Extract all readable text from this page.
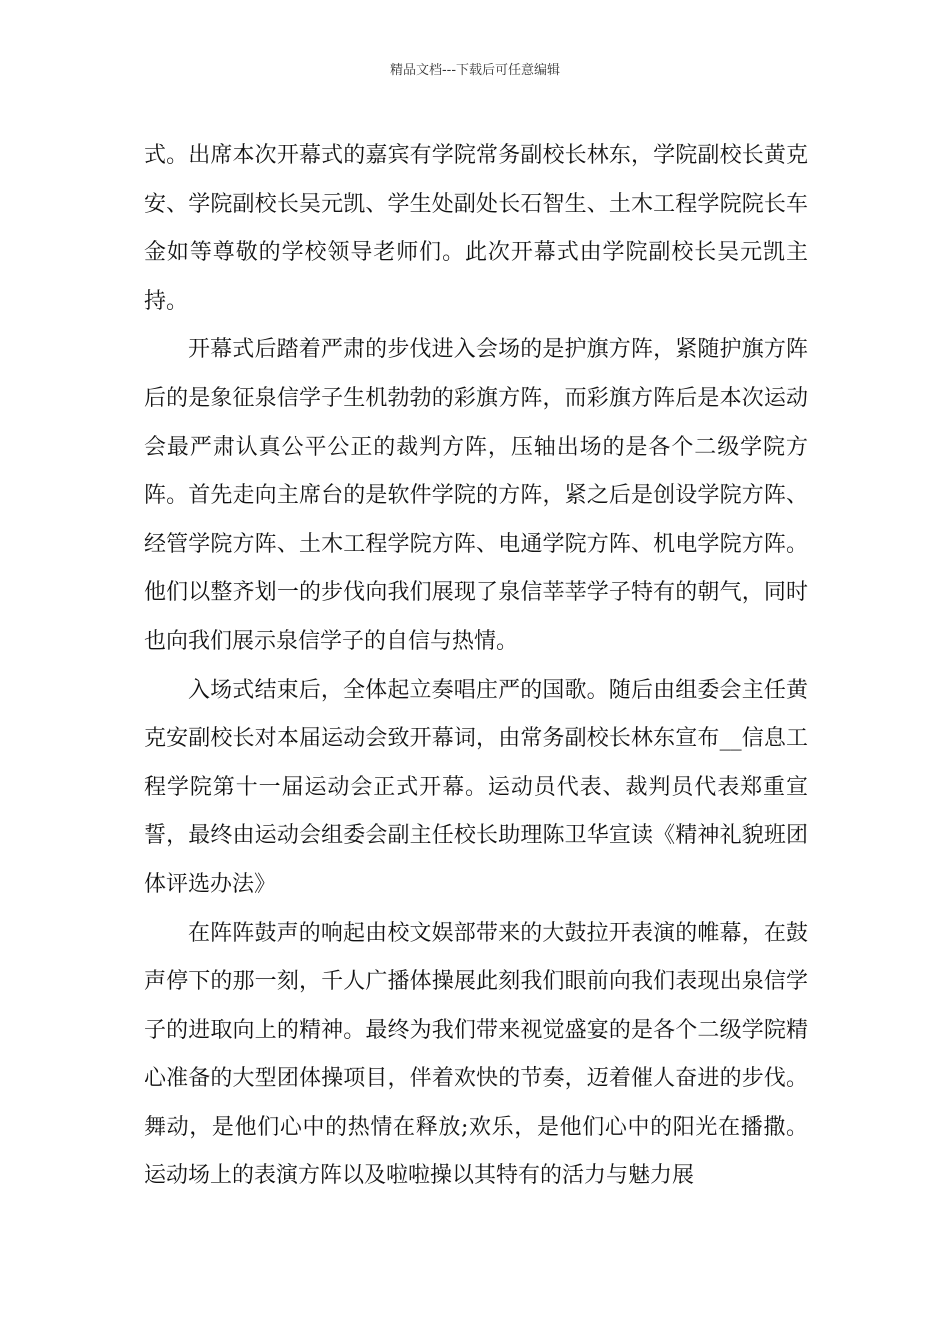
精品文档---下载后可任意编辑

式。出席本次开幕式的嘉宾有学院常务副校长林东，学院副校长黄克安、学院副校长吴元凯、学生处副处长石智生、土木工程学院院长车金如等尊敬的学校领导老师们。此次开幕式由学院副校长吴元凯主持。

开幕式后踏着严肃的步伐进入会场的是护旗方阵，紧随护旗方阵后的是象征泉信学子生机勃勃的彩旗方阵，而彩旗方阵后是本次运动会最严肃认真公平公正的裁判方阵，压轴出场的是各个二级学院方阵。首先走向主席台的是软件学院的方阵，紧之后是创设学院方阵、经管学院方阵、土木工程学院方阵、电通学院方阵、机电学院方阵。他们以整齐划一的步伐向我们展现了泉信莘莘学子特有的朝气，同时也向我们展示泉信学子的自信与热情。

入场式结束后，全体起立奏唱庄严的国歌。随后由组委会主任黄克安副校长对本届运动会致开幕词，由常务副校长林东宣布__信息工程学院第十一届运动会正式开幕。运动员代表、裁判员代表郑重宣誓，最终由运动会组委会副主任校长助理陈卫华宣读《精神礼貌班团体评选办法》

在阵阵鼓声的响起由校文娱部带来的大鼓拉开表演的帷幕，在鼓声停下的那一刻，千人广播体操展此刻我们眼前向我们表现出泉信学子的进取向上的精神。最终为我们带来视觉盛宴的是各个二级学院精心准备的大型团体操项目，伴着欢快的节奏，迈着催人奋进的步伐。舞动，是他们心中的热情在释放;欢乐，是他们心中的阳光在播撒。运动场上的表演方阵以及啦啦操以其特有的活力与魅力展
